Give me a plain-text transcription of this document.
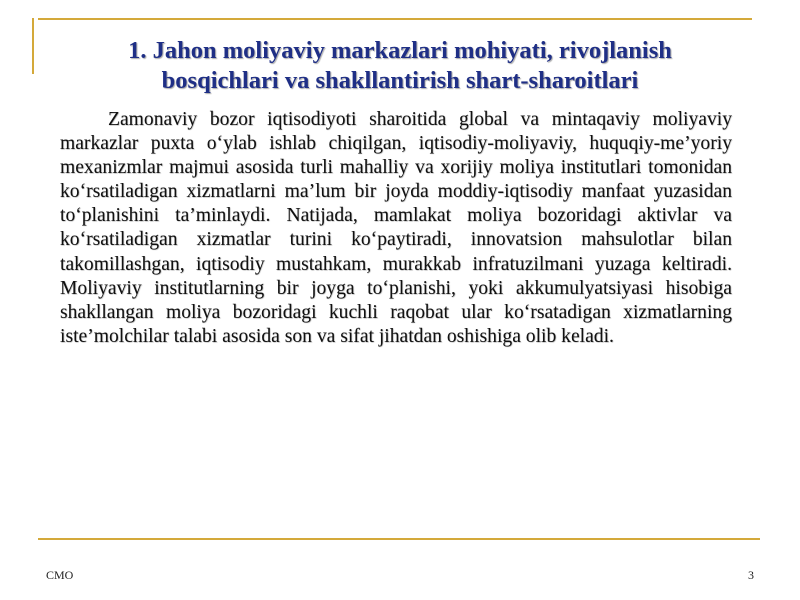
1. Jahon moliyaviy markazlari mohiyati, rivojlanish
bosqichlari va shakllantirish shart-sharoitlari

Zamonaviy bozor iqtisodiyoti sharoitida global va mintaqaviy moliyaviy markazlar puxta o‘ylab ishlab chiqilgan, iqtisodiy-moliyaviy, huquqiy-me’yoriy mexanizmlar majmui asosida turli mahalliy va xorijiy moliya institutlari tomonidan ko‘rsatiladigan xizmatlarni ma’lum bir joyda moddiy-iqtisodiy manfaat yuzasidan to‘planishini ta’minlaydi. Natijada, mamlakat moliya bozoridagi aktivlar va ko‘rsatiladigan xizmatlar turini ko‘paytiradi, innovatsion mahsulotlar bilan takomillashgan, iqtisodiy mustahkam, murakkab infratuzilmani yuzaga keltiradi. Moliyaviy institutlarning bir joyga to‘planishi, yoki akkumulyatsiyasi hisobiga shakllangan moliya bozoridagi kuchli raqobat ular ko‘rsatadigan xizmatlarning iste’molchilar talabi asosida son va sifat jihatdan oshishiga olib keladi.

CMO	3
